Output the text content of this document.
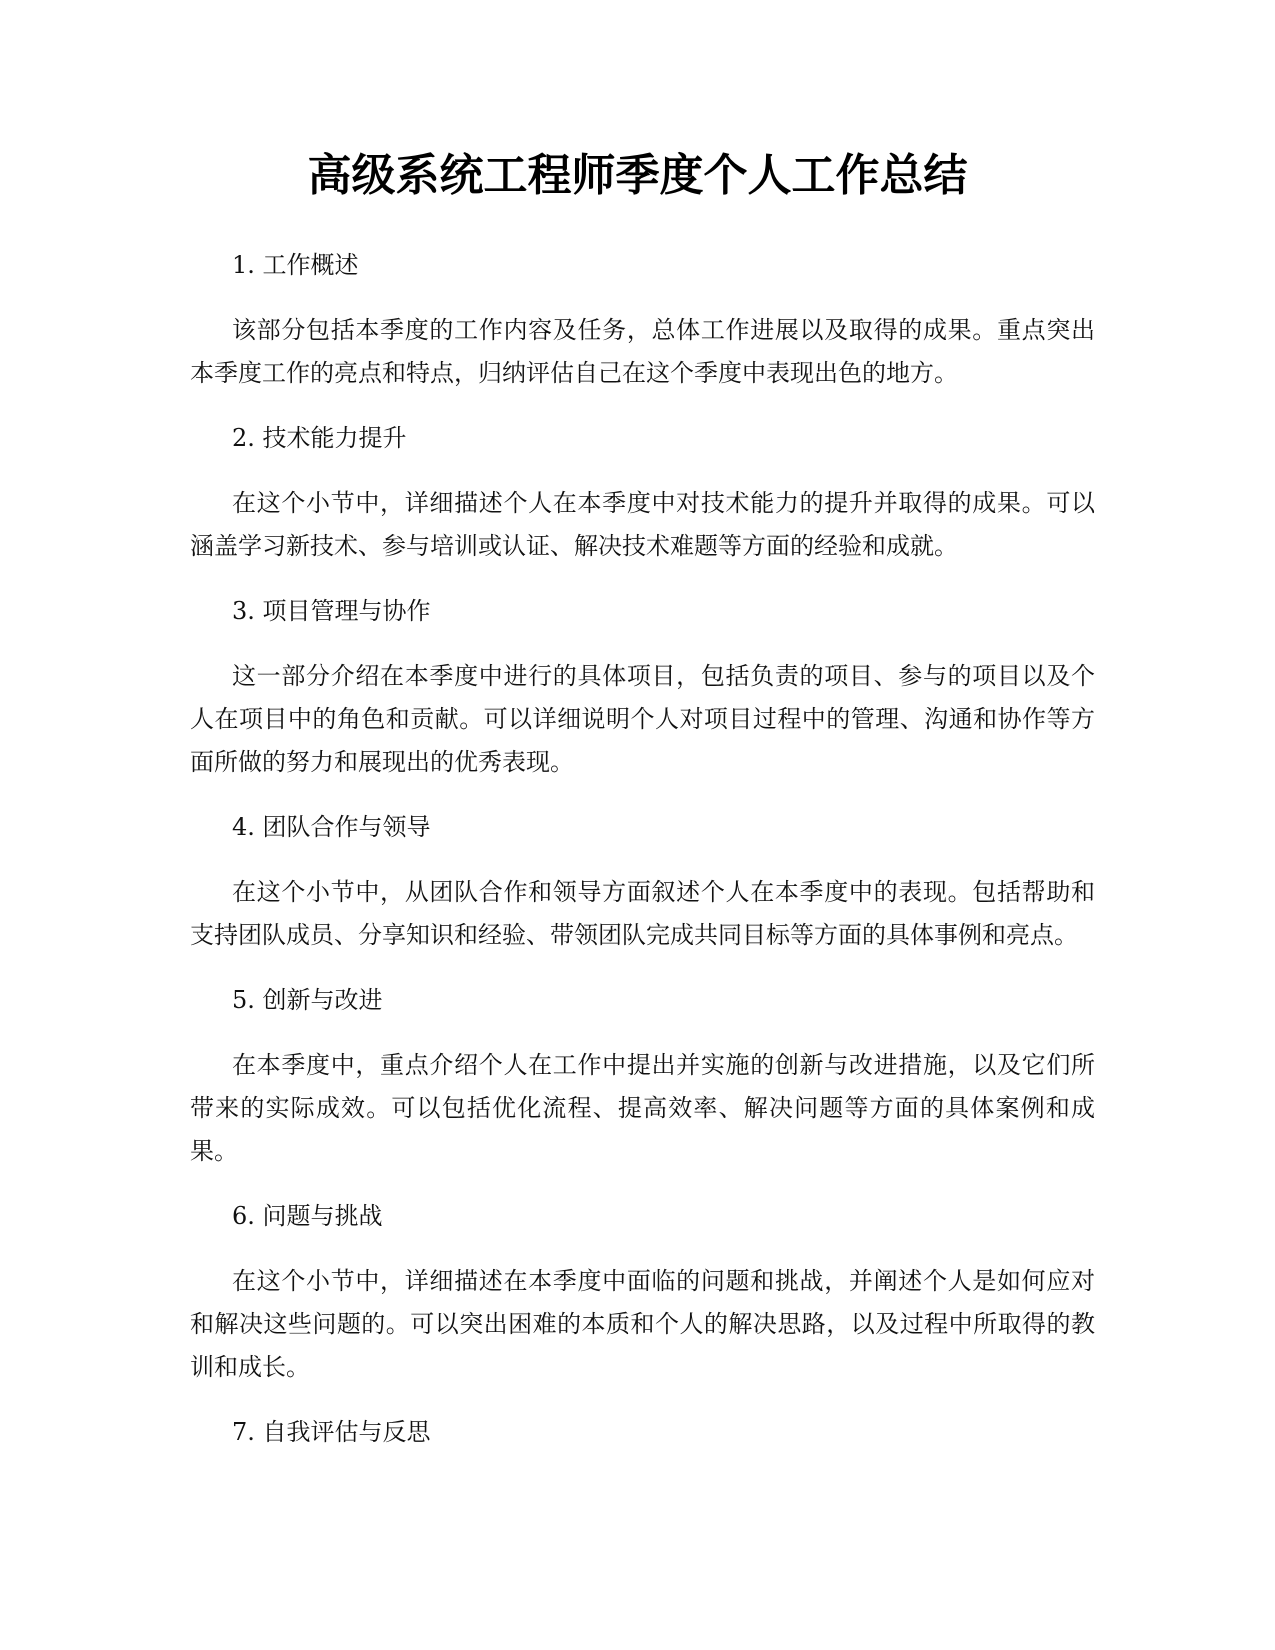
高级系统工程师季度个人工作总结

1. 工作概述

该部分包括本季度的工作内容及任务，总体工作进展以及取得的成果。重点突出本季度工作的亮点和特点，归纳评估自己在这个季度中表现出色的地方。

2. 技术能力提升

在这个小节中，详细描述个人在本季度中对技术能力的提升并取得的成果。可以涵盖学习新技术、参与培训或认证、解决技术难题等方面的经验和成就。

3. 项目管理与协作

这一部分介绍在本季度中进行的具体项目，包括负责的项目、参与的项目以及个人在项目中的角色和贡献。可以详细说明个人对项目过程中的管理、沟通和协作等方面所做的努力和展现出的优秀表现。

4. 团队合作与领导

在这个小节中，从团队合作和领导方面叙述个人在本季度中的表现。包括帮助和支持团队成员、分享知识和经验、带领团队完成共同目标等方面的具体事例和亮点。

5. 创新与改进

在本季度中，重点介绍个人在工作中提出并实施的创新与改进措施，以及它们所带来的实际成效。可以包括优化流程、提高效率、解决问题等方面的具体案例和成果。

6. 问题与挑战

在这个小节中，详细描述在本季度中面临的问题和挑战，并阐述个人是如何应对和解决这些问题的。可以突出困难的本质和个人的解决思路，以及过程中所取得的教训和成长。

7. 自我评估与反思
